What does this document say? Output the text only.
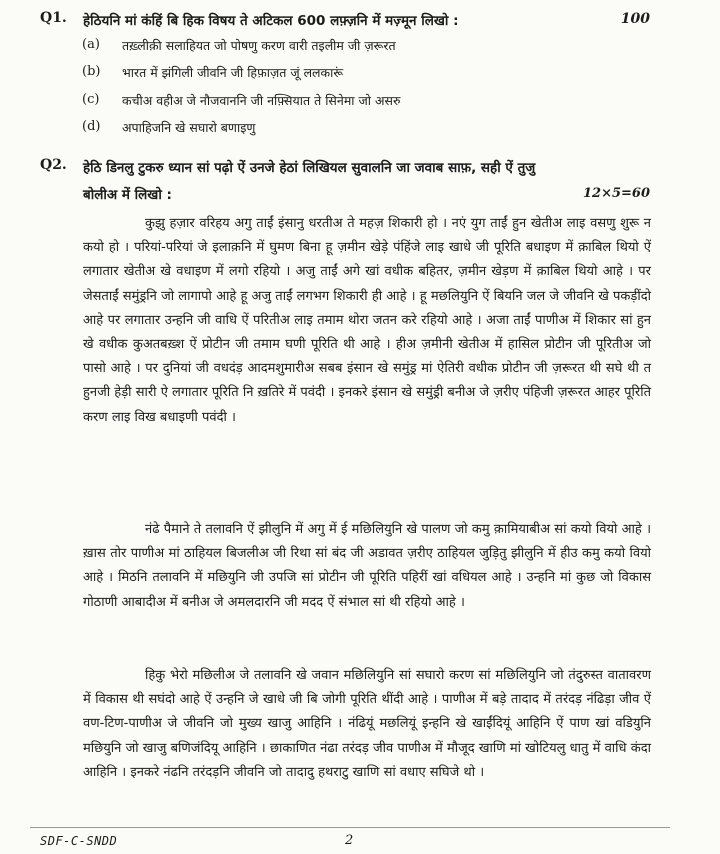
Q1. हेठियनि मां कंहिं बि हिक विषय ते अटिकल 600 लफ़्ज़नि में मज़्मून लिखो :	100
(a) तख़्लीक़ी सलाहियत जो पोषणु करण वारी तइलीम जी ज़रूरत
(b) भारत में झंगिली जीवनि जी हिफ़ाज़त जूं ललकारूं
(c) कचीअ वहीअ जे नौजवाननि जी नफ़्सियात ते सिनेमा जो असरु
(d) अपाहिजनि खे सघारो बणाइणु
Q2. हेठि डिनलु टुकरु ध्यान सां पढ़ो ऐं उनजे हेठां लिखियल सुवालनि जा जवाब साफ़, सही ऐं तुजु
बोलीअ में लिखो :	12×5=60

कुझु हज़ार वरिहय अगु ताईं इंसानु धरतीअ ते महज़ शिकारी हो । नएं युग ताईं हुन खेतीअ लाइ वसणु शुरू न कयो हो । परियां-परियां जे इलाक़नि में घुमण बिना हू ज़मीन खेड़े पंहिंजे लाइ खाधे जी पूरिति बधाइण में क़ाबिल थियो ऐं लगातार खेतीअ खे वधाइण में लगो रहियो । अजु ताईं अगे खां वधीक बहितर, ज़मीन खेड़ण में क़ाबिल थियो आहे । पर जेसताईं समुंड्रनि जो लागापो आहे हू अजु ताईं लगभग शिकारी ही आहे । हू मछलियुनि ऐं बियनि जल जे जीवनि खे पकड़ींदो आहे पर लगातार उन्हनि जी वाधि ऐं परितीअ लाइ तमाम थोरा जतन करे रहियो आहे । अजा ताईं पाणीअ में शिकार सां हुन खे वधीक कुअतबख़्श ऐं प्रोटीन जी तमाम घणी पूरिति थी आहे । हीअ ज़मीनी खेतीअ में हासिल प्रोटीन जी पूरितीअ जो पासो आहे । पर दुनियां जी वधदंड़ आदमशुमारीअ सबब इंसान खे समुंड्र मां ऐतिरी वधीक प्रोटीन जी ज़रूरत थी सघे थी त हुनजी हेड़ी सारी ऐ लगातार पूरिति नि ख़तिरे में पवंदी । इनकरे इंसान खे समुंड्री बनीअ जे ज़रीए पंहिजी ज़रूरत आहर पूरिति करण लाइ विख बधाइणी पवंदी ।

नंढे पैमाने ते तलावनि ऐं झीलुनि में अगु में ई मछिलियुनि खे पालण जो कमु क़ामियाबीअ सां कयो वियो आहे । ख़ास तोर पाणीअ मां ठाहियल बिजलीअ जी रिथा सां बंद जी अडावत ज़रीए ठाहियल जुड़ितु झीलुनि में हीउ कमु कयो वियो आहे । मिठनि तलावनि में मछियुनि जी उपजि सां प्रोटीन जी पूरिति पहिरीं खां वधियल आहे । उन्हनि मां कुछ जो विकास गोठाणी आबादीअ में बनीअ जे अमलदारनि जी मदद ऐं संभाल सां थी रहियो आहे ।

हिकु भेरो मछिलीअ जे तलावनि खे जवान मछिलियुनि सां सघारो करण सां मछिलियुनि जो तंदुरुस्त वातावरण में विकास थी सघंदो आहे ऐं उन्हनि जे खाधे जी बि जोगी पूरिति थींदी आहे । पाणीअ में बड़े तादाद में तरंदड़ नंढिड़ा जीव ऐं वण-टिण-पाणीअ जे जीवनि जो मुख्य खाजु आहिनि । नंढियूं मछलियूं इन्हनि खे खाईंदियूं आहिनि ऐं पाण खां वडियुनि मछियुनि जो खाजु बणिजंदियू आहिनि । छाकाणित नंढा तरंदड़ जीव पाणीअ में मौजूद खाणि मां खोटियलु धातु में वाधि कंदा आहिनि । इनकरे नंढनि तरंदड़नि जीवनि जो तादादु हथराटु खाणि सां वधाए सघिजे थो ।

SDF-C-SNDD	2
